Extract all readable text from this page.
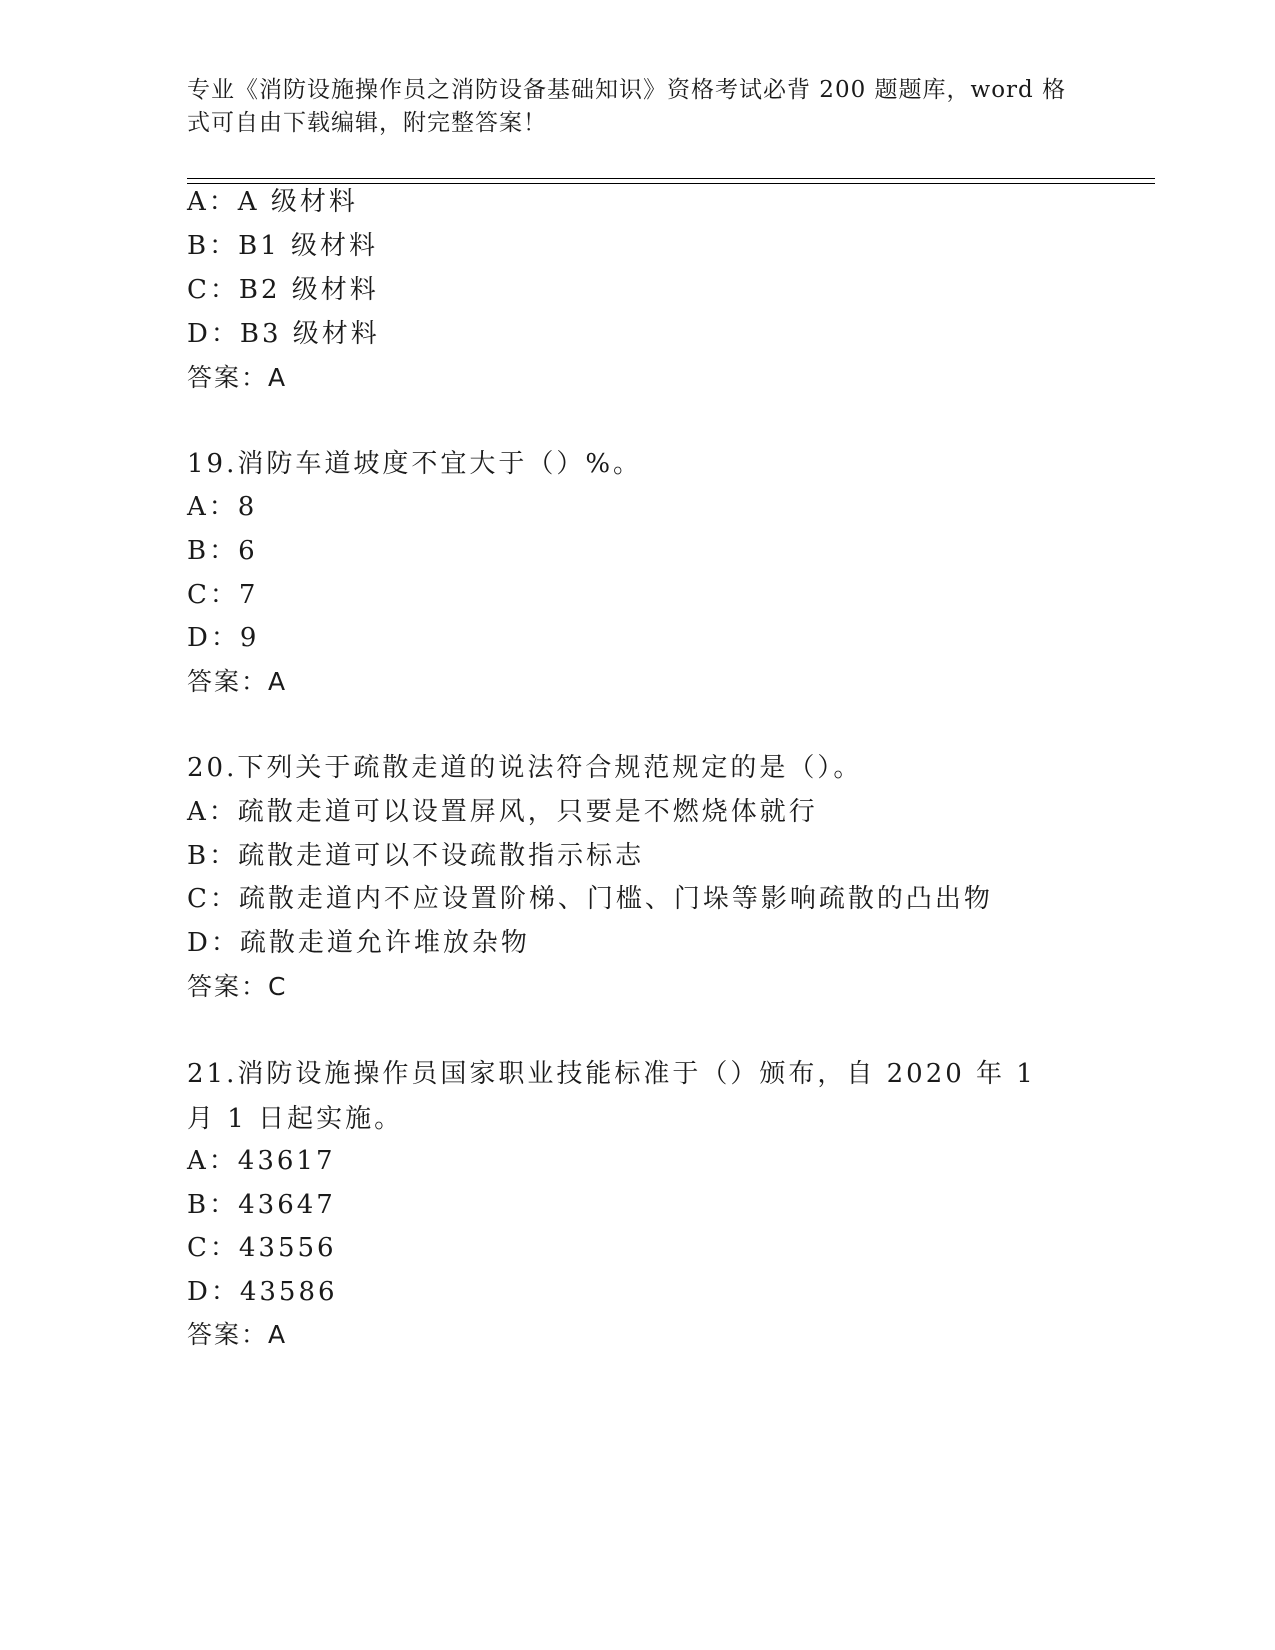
专业《消防设施操作员之消防设备基础知识》资格考试必背 200 题题库，word 格式可自由下载编辑，附完整答案！
A：A 级材料
B：B1 级材料
C：B2 级材料
D：B3 级材料
答案：A
19.消防车道坡度不宜大于（）%。
A：8
B：6
C：7
D：9
答案：A
20.下列关于疏散走道的说法符合规范规定的是（）。
A：疏散走道可以设置屏风，只要是不燃烧体就行
B：疏散走道可以不设疏散指示标志
C：疏散走道内不应设置阶梯、门槛、门垛等影响疏散的凸出物
D：疏散走道允许堆放杂物
答案：C
21.消防设施操作员国家职业技能标准于（）颁布，自 2020 年 1 月 1 日起实施。
A：43617
B：43647
C：43556
D：43586
答案：A
